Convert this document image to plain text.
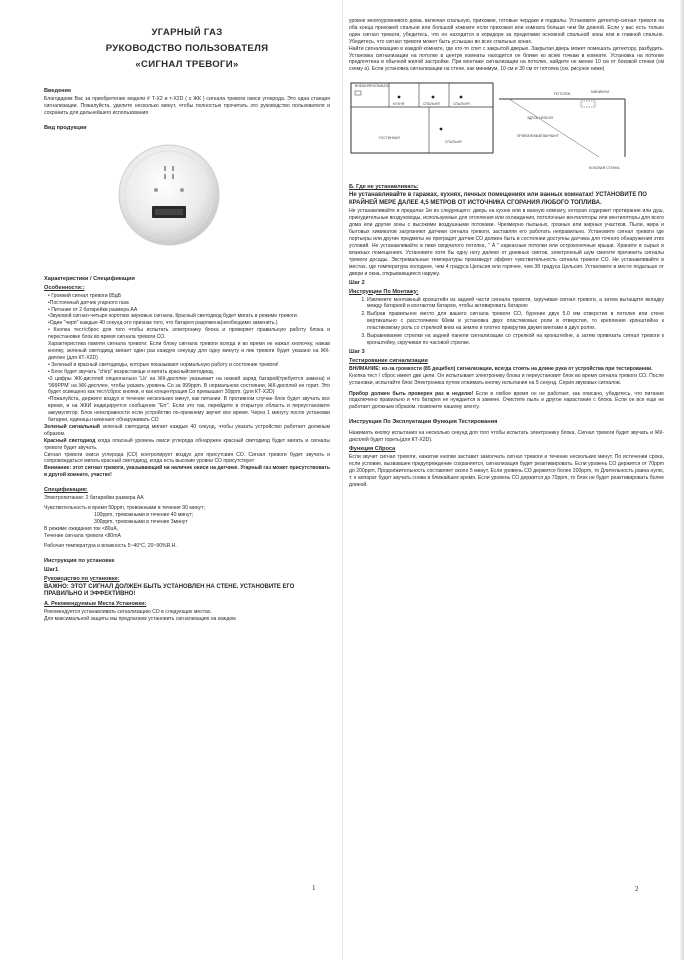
УГАРНЫЙ ГАЗ
РУКОВОДСТВО ПОЛЬЗОВАТЕЛЯ
«СИГНАЛ ТРЕВОГИ»
Введение

Благодарим Вас за приобретение модели # Т-Х2 и т-Х2D ( с ЖК ) сигнала тревоги окиси углерода. Это одна станция сигнализации. Пожалуйста, уделите несколько минут, чтобы полностью прочитать это руководство пользователя и сохранить для дальнейшего использования

Вид продукции
Характеристики / Спецификация
Особенности::

• Громкий сигнал тревоги 85дБ

•Постоянный датчик угарного газа

• Питание от 2 батарейки размера АА

•Звуковой сигнал-четыре коротких звуковых сигнала. Красный светодиод будет мигать в режиме тревоги.

•Один "чирп" каждые 40 секунд-это признак того, что батарея разряжена(необходимо заменить.)

• Кнопка тест/сброс для того чтобы испытать электронику блока и проверяет правильную работу блока и перестановке блок во время сигнала тревоги СО.

Характеристика памяти сигнала тревоги: Если блоку сигнала тревоги всегда и во время не нажал кнопочку, нажав кнопку, зеленый светодиод мигает один раз каждую секунду для одну минуту и пик тревоги будет указано на ЖК-диплее (для КТ-Х2D)

• Зеленый и красный светодиоды, которые показывают нормальную работу и состояние тревоги!

• Блок будет звучать "chirp" возрастающе и мигать красныйсветодиод.

•3 цифры ЖК-дисплей опционально 'Lb' на ЖК-дисплее указывает на низкий заряд батарей(требуется замена) и '999PPM' на ЖК-дисплее, чтобы указать уровень Со за 999ppm. В нормальном состоянии, ЖК-дисплей не горит. Это будет освещено как тест/сброс кнопки, и как концентрация Со превышает 30ppm. (для КТ-Х2D)

•Пожалуйста, держите воздух в течение нескольких минут, как питании. В противном случае блок будет звучать все время, и на ЖКИ индицируется сообщение "Err". Если это так, перейдите в открытую область и переустановите аккумулятор. Блок неисправности если устройство по-прежнему звучит все время. Через 1 минуту после установки батареи, единицы начинают обнаруживать СО

Зеленый сигнальный зеленый светодиод мигает каждые 40 секунд, чтобы указать устройство работает должным образом.

Красный светодиод когда опасный уровень окиси углерода обнаружен красный светодиод будет мигать и сигналы тревоги будет звучать.

Сигнал тревоги окиси углерода (СО) контролирует воздух для присутсвия СО. Сигнал тревоги будет звучать и сопровождаться мигать красный светодиод, когда есть высокие уровни СО присутствует

Внимание: этот сигнал тревоги, указывающий на наличие окиси на датчике. Угарный газ может присутствовать в другой комнате, участке!

Спецификация:

Электропитание: 2 батарейки размера АА

Чувствительность в время 50ppm, тревожными в течение 90 минут;

100ppm, тревожными в течение 40 минут;

300ppm, тревожными в течение 3минут

В режиме ожидания ток <80uA,

Течение сигнала тревоги <80mA

Рабочая температура и влажность 5~40°C, 20~90%R.H.

Инструкция по установке
Шаг1
Руководство по установке:
ВАЖНО: ЭТОТ СИГНАЛ ДОЛЖЕН БЫТЬ УСТАНОВЛЕН НА СТЕНЕ. УСТАНОВИТЕ ЕГО ПРАВИЛЬНО И ЭФФЕКТИВНО!
А. Рекомендуемые Места Установки:

Рекомендуется устанавливать сигнализацию СО в следующих местах.

Для максимальной защиты мы предлагаем установить сигнализацию на каждом

1

уровне многоуровневого дома, включая спальную, прихожие, готовые чердаки и подвалы. Установите детектор-сигнал тревоги на оба конца прихожей спальни или большой комнате если прихожая или комната больше чем 9м длиной. Если у вас есть только один сигнал тревоги, убедитесь, что он находится в коридоре за пределами основной спальной зоны или в главной спальне. Убедитесь, что сигнал тревоги может быть услышан во всех спальных зонах.

Найти сигнализацию в каждой комнате, где кто-то спит с закрытой дверью. Закрытая дверь может помешать детектору, разбудить. Установка сигнализации на потолке в центре комнаты находится он ближе ко всем точкам в комнате. Установка на потолке предпочтена в обычной жилой застройке. При монтаже сигнализации на потолке, найдите не менее 10 см от боковой стенки (см схему а). Если установка сигнализации на стене, как минимум, 10 см и 30 см от потолка (см. рисунок ниже)

ВНЕШНЯЯ КОМНАТА
КУХНЯ	СПАЛЬНЯ	СПАЛЬНЯ
ГОСТИННАЯ
СПАЛЬНЯ
ПОТОЛОК
ЗДЕСЬ НЕЛЬЗЯ
ПРИЕМЛЕМЫЙ ВАРИАНТ
МИНИМУМ
БОКОВАЯ СТЕНКА
Б. Где не устанавливать:
Не устанавливайте в гаражах, кухнях, печных помещениях или ванных комнатах! УСТАНОВИТЕ ПО КРАЙНЕЙ МЕРЕ ДАЛЕЕ 4,5 МЕТРОВ ОТ ИСТОЧНИКА СГОРАНИЯ ЛЮБОГО ТОПЛИВА.

Не устанавливайте в пределах 1м из следующего: дверь на кухню или в ванную комнату, которая содержит протирание или душ, принудительные воздуховоды, используемые для отопления или охлаждения, потолочные вентиляторы или вентиляторы для всего дома или другие зоны с высокими воздушными потоками. Чрезмерно пыльных, грязных или жирных участков. Пыли, жира и бытовых химикатов загрязняют датчики сигнала тревоги, заставляя его работать неправильно. Установите сигнал тревоги где портьеры или другие предметы не преградят датчик СО должен быть в состоянии доступны датчика для точного обнаружения этих условий. Не устанавливайте в пики сводчатого потолка, " А " каркасные потолки или остроконечные крыши. Храните в сырых и влажных помещениях. Установите хотя бы одну ногу далеко от дневных светов, электронный шум смогите причинить сигналы тревоги досады. Экстремальные температуры произведут эффект чувствительность сигнала тревоги СО. Не устанавливайте в местах, где температура холоднее, чем 4 градуса Цельсия или горячее, чем 38 градуса Цельсия. Установите в месте подальше от двери и окна, открывающиеся наружу.

Шаг 2
Инструкции По Монтажу:
1. Извлеките монтажный кронштейн из задней части сигнала тревоги, скручивая сигнал тревоги, а затем вытащите вкладку между батареей и контактом батареи, чтобы активировать батарею
2. Выбрав правильное место для вашего сигнала тревоги СО, бурение двух 5.0 мм отверстия в потолке или стене вертикально с расстоянием 60мм в установка двух пластиковых роли в отверстия, то крепления кронштейна к пластиковому роль со стрелкой вниз на землю и плотно приврутив двумя винтами в двух ролях.
3. Выравнивание стрелки на задней панели сигнализации со стрелкой на кронштейне, а затем привязать сигнал тревоги к кронштейну, скручивая по часовой стрелке.
Шаг 3
Тестирование сигнализации

ВНИМАНИЕ: из-за громкости (85 децибел) сигнализации, всегда стоять на длине руки от устройства при тестировании.

Кнопка тест / сброс имеет две цели. Он испытывает электронику блока и переустановит блок во время сигнала тревоги СО. После установки, испытайте блок Электроника путем отжимать кнопку испытания на 5 секунд. Серия звуковых сигналов.

Прибор должен быть проверен раз в неделю! Если в любое время он не работает, как описано, убедитесь, что питание подключено правильно и что батарея не нуждается в замене. Очистите пыль и другое нарастание с блока. Если он все еще не работает должным образом, позвоните нашему агенту.

Инструкция По Эксплуатации Функция Тестирования

Нажимать кнопку испытания на несколько секунд для того чтобы испытать электронику блока. Сигнал тревоги будет звучать и ЖК-дисплей будет гореть(для КТ-Х2D).

Функция Сброса

Если звучит сигнал тревоги, нажатие кнопки заставит замолчать сигнал тревоги и течение нескольких минут. По истечении срока, если условие, вызвавшее предупреждение сохраняется, сигнализация будет реактивировать. Если уровень СО держится от 70ppm до 200ppm, Продолжительность составляет около 5 минут. Если уровень СО держится более 200ppm, то Длительность равна нулю, т. е аппарат будет звучать снова в ближайшее время. Если уровень СО держится до 70ppm, то блок не будет реактивировать более длиной.

2
